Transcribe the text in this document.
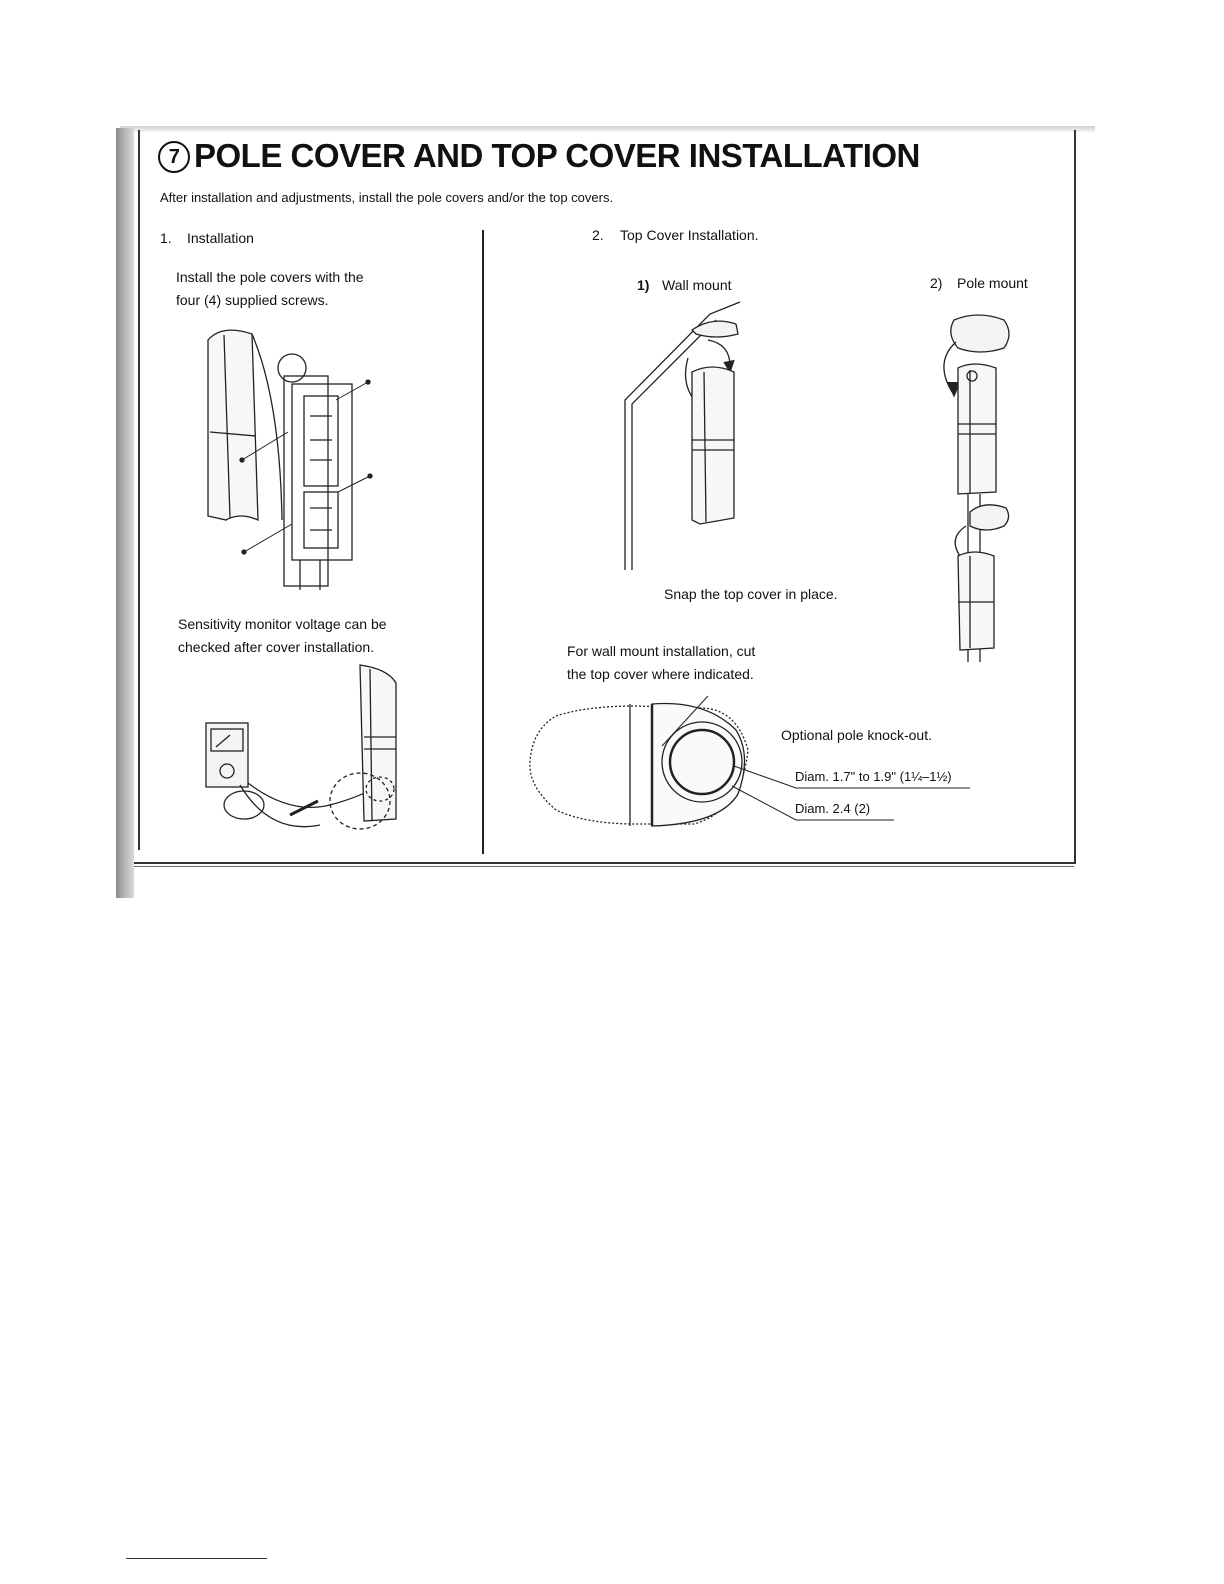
7 POLE COVER AND TOP COVER INSTALLATION
After installation and adjustments, install the pole covers and/or the top covers.
1. Installation
Install the pole covers with the
four (4) supplied screws.
Sensitivity monitor voltage can be
checked after cover installation.
2. Top Cover Installation.
1) Wall mount	2) Pole mount
Snap the top cover in place.
For wall mount installation, cut
the top cover where indicated.
Optional pole knock-out.
Diam. 1.7" to 1.9" (1¼–1½)
Diam. 2.4 (2)
